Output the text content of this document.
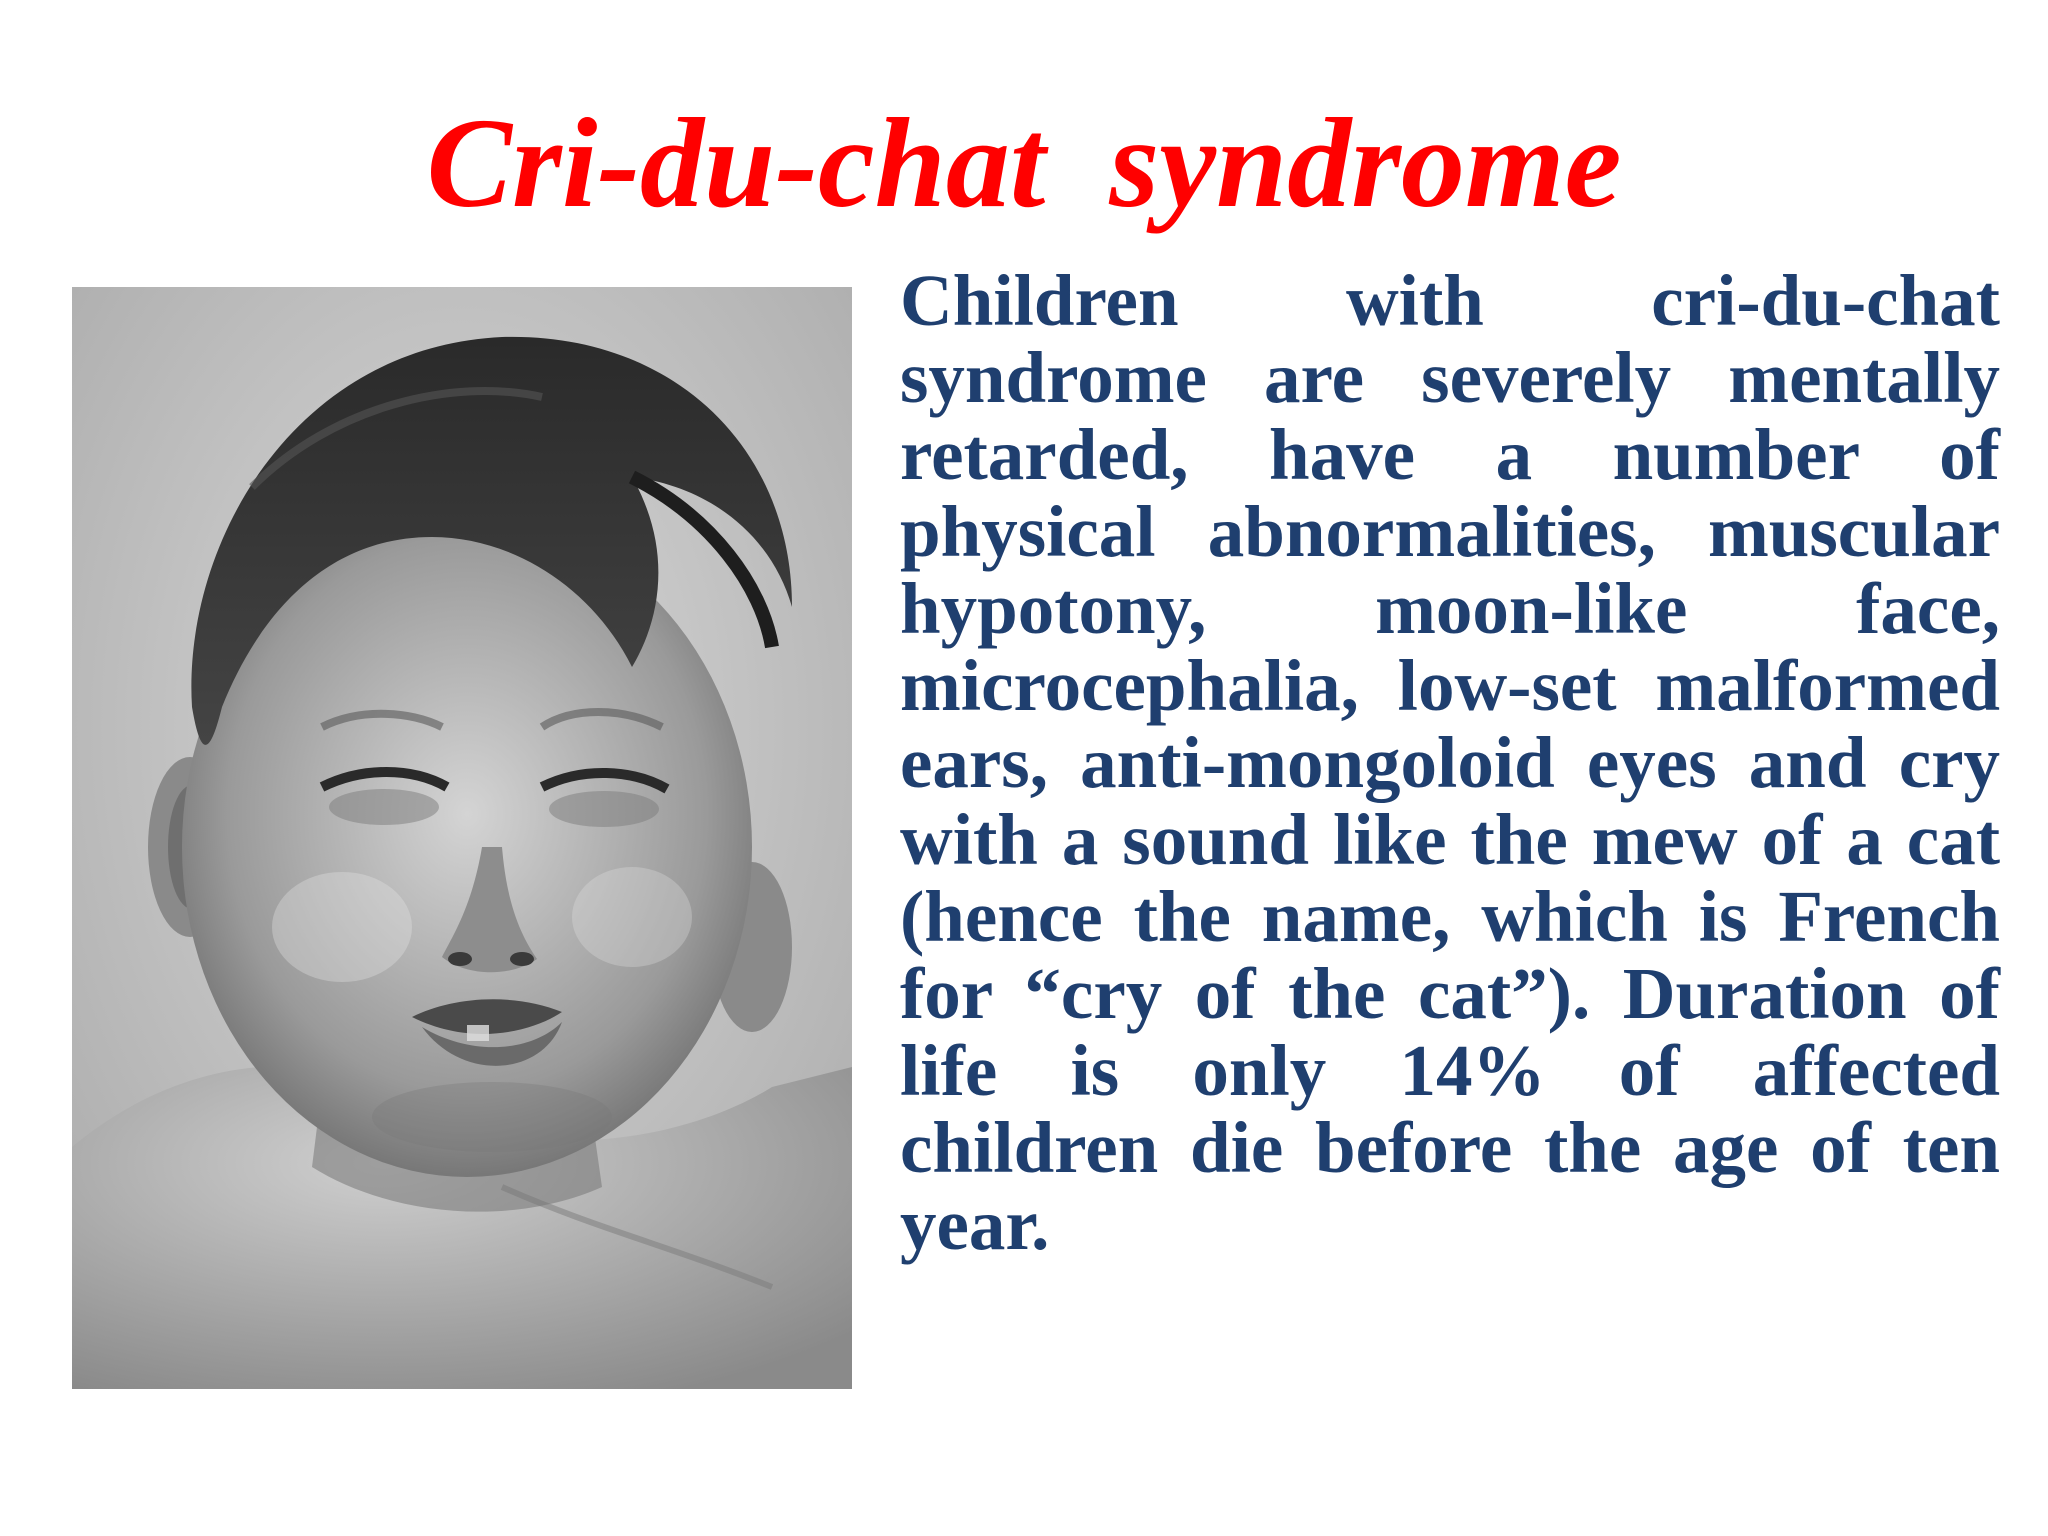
Cri-du-chat  syndrome

Children with cri-du-chat syndrome are severely mentally retarded, have a number of physical abnormalities, muscular hypotony, moon-like face, microcephalia, low-set malformed ears, anti-mongoloid eyes and cry with a sound like the mew of a cat (hence the name, which is French for “cry of the cat”). Duration of life is only 14% of affected children die before the age of ten year.
